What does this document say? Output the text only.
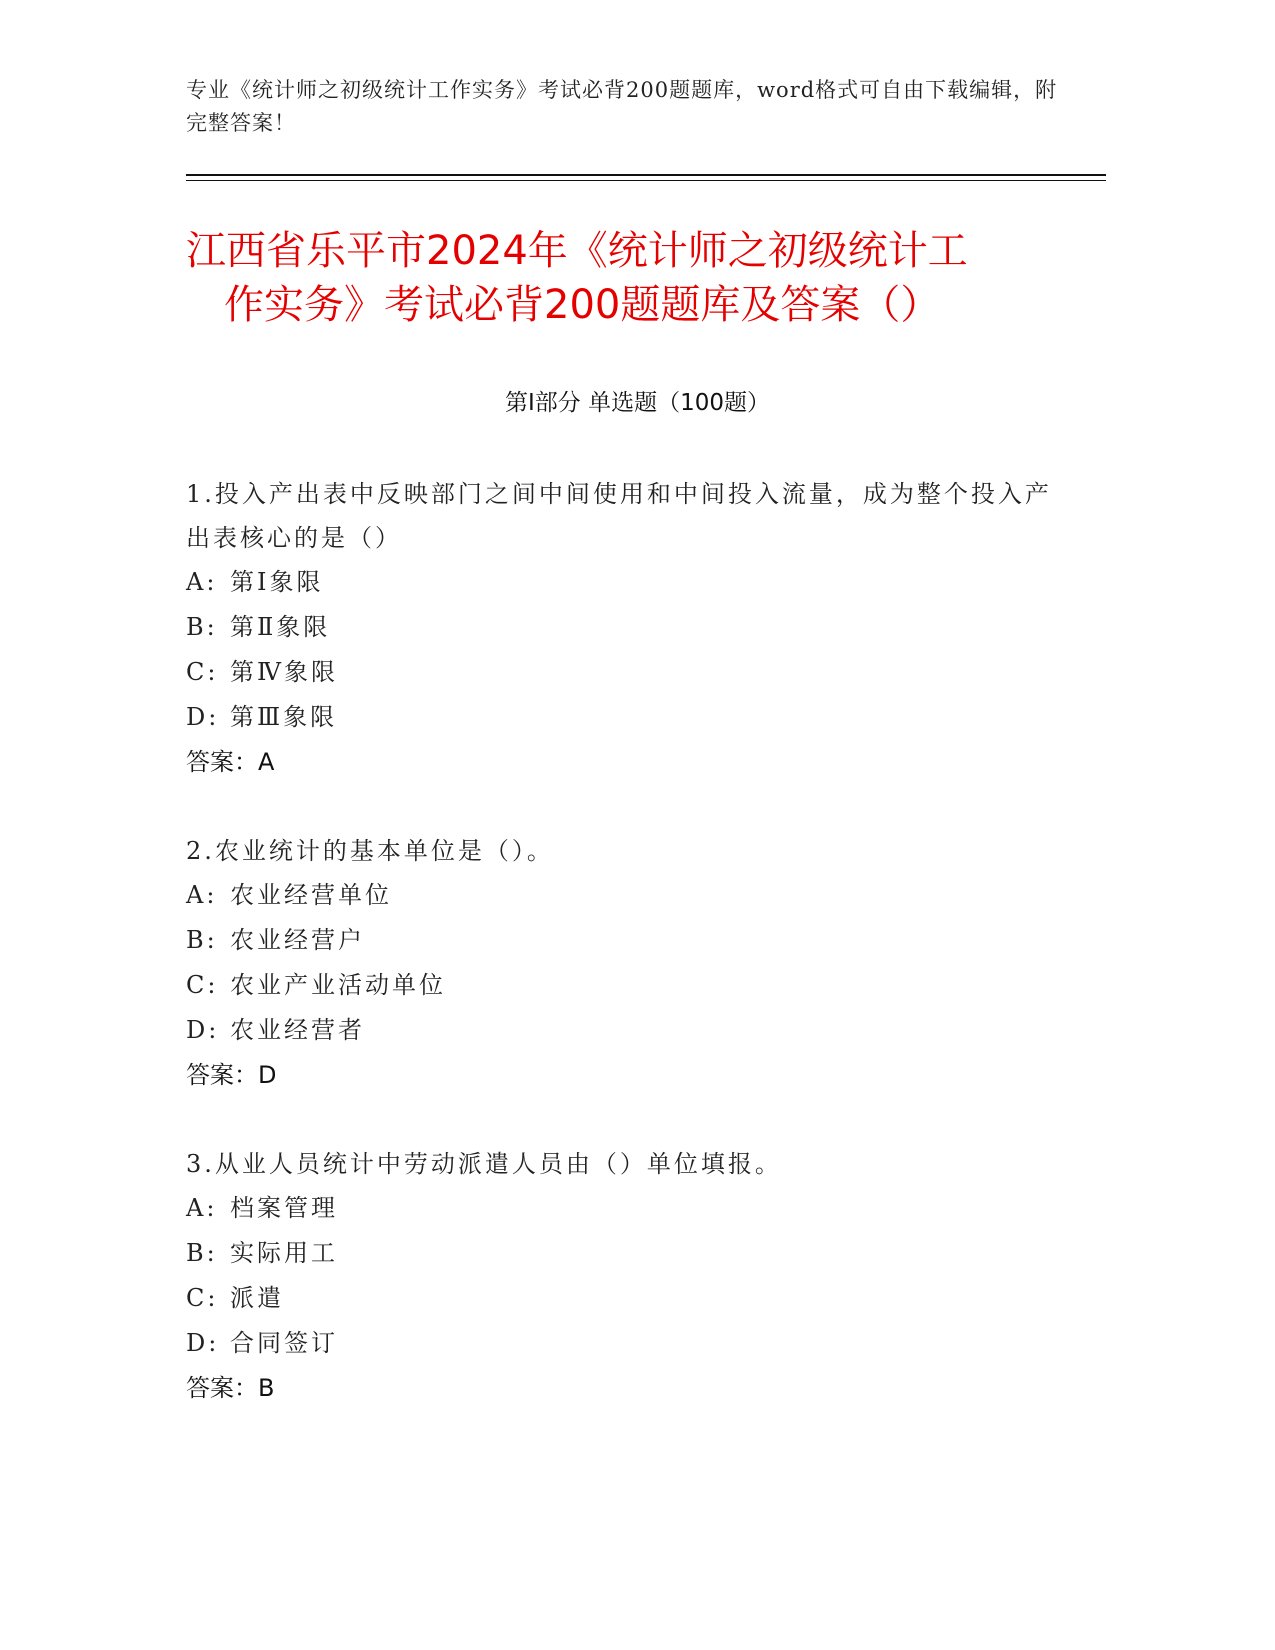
专业《统计师之初级统计工作实务》考试必背200题题库，word格式可自由下载编辑，附完整答案！
江西省乐平市2024年《统计师之初级统计工
作实务》考试必背200题题库及答案（）
第I部分 单选题（100题）
1.投入产出表中反映部门之间中间使用和中间投入流量，成为整个投入产出表核心的是（）
A: 第Ⅰ象限
B: 第Ⅱ象限
C: 第Ⅳ象限
D: 第Ⅲ象限
答案：A
2.农业统计的基本单位是（）。
A: 农业经营单位
B: 农业经营户
C: 农业产业活动单位
D: 农业经营者
答案：D
3.从业人员统计中劳动派遣人员由（）单位填报。
A: 档案管理
B: 实际用工
C: 派遣
D: 合同签订
答案：B
